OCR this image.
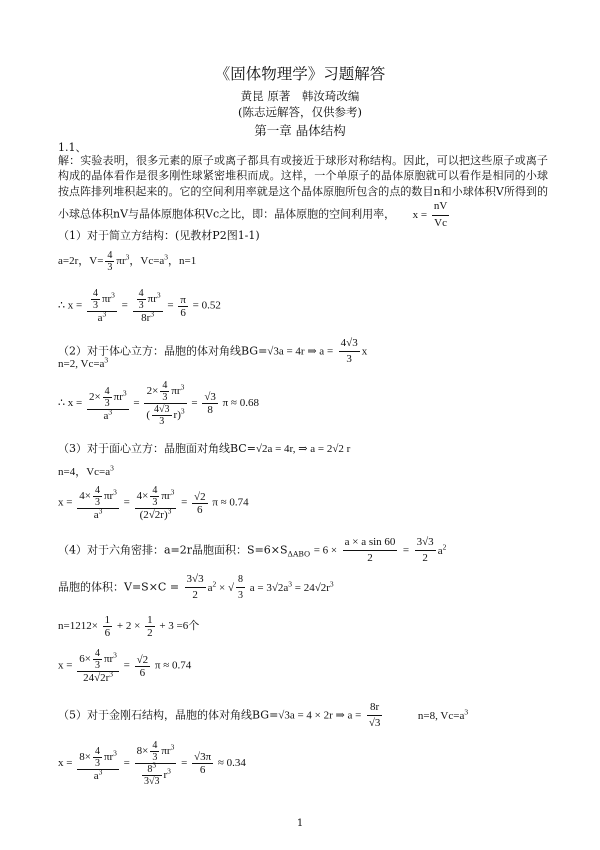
《固体物理学》习题解答
黄昆 原著　韩汝琦改编
(陈志远解答，仅供参考)
第一章 晶体结构
1.1、
解：实验表明，很多元素的原子或离子都具有或接近于球形对称结构。因此，可以把这些原子或离子构成的晶体看作是很多刚性球紧密堆积而成。这样，一个单原子的晶体原胞就可以看作是相同的小球按点阵排列堆积起来的。它的空间利用率就是这个晶体原胞所包含的点的数目n和小球体积V所得到的小球总体积nV与晶体原胞体积Vc之比，即：晶体原胞的空间利用率， $x = \frac{nV}{Vc}$
（1）对于简立方结构：(见教材P2图1-1)
a=2r，$V= \frac{4}{3} \pi r^3$，$Vc=a^3$，n=1
∴ $x = \frac{\frac{4}{3} \pi r^3}{a^3} = \frac{\frac{4}{3} \pi r^3}{8r^3} = \frac{\pi}{6} = 0.52$
（2）对于体心立方：晶胞的体对角线BG=√3a = 4r ⇒ $a = \frac{4√3}{3}$ x
n=2, $Vc=a^3$
∴ $x = \frac{2\times \frac{4}{3} \pi r^3}{a^3} = \frac{2\times \frac{4}{3} \pi r^3}{( \frac{4√3}{3} r)^3} = \frac{√3}{8}$ π ≈ 0.68
（3）对于面心立方：晶胞面对角线BC=√2a = 4r, ⇒ a = 2√2 r
n=4，$Vc=a^3$
$x = \frac{4\times \frac{4}{3} \pi r^3}{a^3} = \frac{4\times \frac{4}{3} \pi r^3}{(2√2r)^3} = \frac{√2}{6}$ π ≈ 0.74
（4）对于六角密排：a=2r晶胞面积：$S=6\times S_{\Delta ABO} = 6 \times \frac{\text{a × a sin 60}}{2} = \frac{3√3}{2} a^2$
晶胞的体积：$V=S\times C = \frac{3√3}{2} a^2$ × √ $\frac{8}{3}$ $a = 3√2a^3 = 24√2r^3$
$n=1212\times \frac{1}{6} + 2 \times \frac{1}{2} + 3 =6$个
$x = \frac{6\times \frac{4}{3} \pi r^3}{24√2r^3} = \frac{√2}{6}$ π ≈ 0.74
（5）对于金刚石结构，晶胞的体对角线BG=√3a = 4 × 2r ⇒ $a = \frac{8r}{√3}$	n=8, $Vc=a^3$
$x = \frac{8\times \frac{4}{3} \pi r^3}{a^3} = \frac{8\times \frac{4}{3} \pi r^3}{\frac{8^3}{3√3} r^3} = \frac{√3\pi}{6} \approx 0.34$
1
